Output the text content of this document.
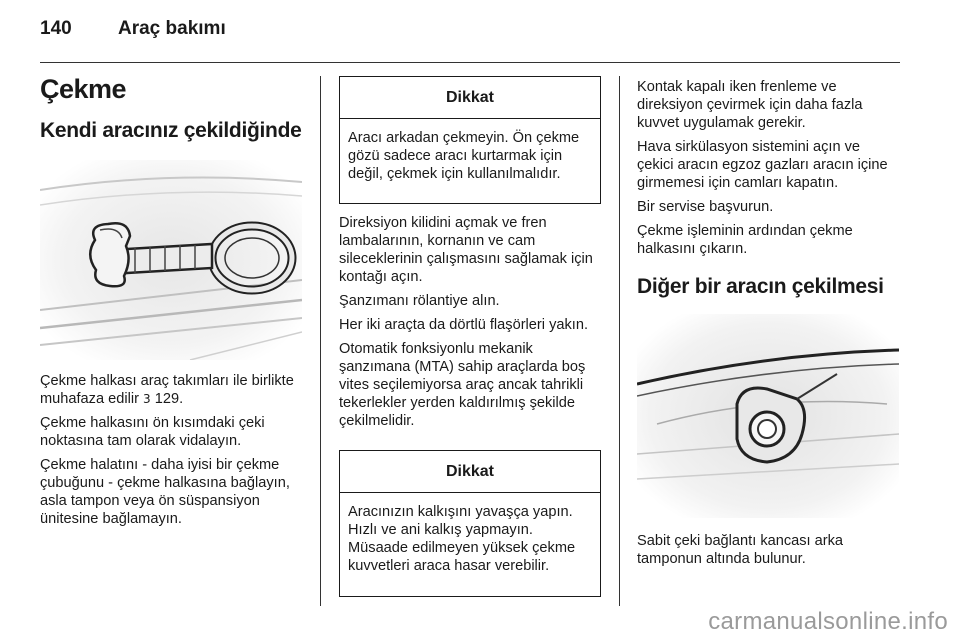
140 Araç bakımı
Çekme
Kendi aracınız çekildiğinde

Çekme halkası araç takımları ile birlikte muhafaza edilir 3 129.

Çekme halkasını ön kısımdaki çeki noktasına tam olarak vidalayın.

Çekme halatını - daha iyisi bir çekme çubuğunu - çekme halkasına bağlayın, asla tampon veya ön süspansiyon ünitesine bağlamayın.

Dikkat
Aracı arkadan çekmeyin. Ön çekme gözü sadece aracı kurtarmak için değil, çekmek için kullanılmalıdır.

Direksiyon kilidini açmak ve fren lambalarının, kornanın ve cam sileceklerinin çalışmasını sağlamak için kontağı açın.

Şanzımanı rölantiye alın.

Her iki araçta da dörtlü flaşörleri yakın.

Otomatik fonksiyonlu mekanik şanzımana (MTA) sahip araçlarda boş vites seçilemiyorsa araç ancak tahrikli tekerlekler yerden kaldırılmış şekilde çekilmelidir.

Dikkat
Aracınızın kalkışını yavaşça yapın. Hızlı ve ani kalkış yapmayın. Müsaade edilmeyen yüksek çekme kuvvetleri araca hasar verebilir.

Kontak kapalı iken frenleme ve direksiyon çevirmek için daha fazla kuvvet uygulamak gerekir.

Hava sirkülasyon sistemini açın ve çekici aracın egzoz gazları aracın içine girmemesi için camları kapatın.

Bir servise başvurun.

Çekme işleminin ardından çekme halkasını çıkarın.

Diğer bir aracın çekilmesi

Sabit çeki bağlantı kancası arka tamponun altında bulunur.

carmanualsonline.info
